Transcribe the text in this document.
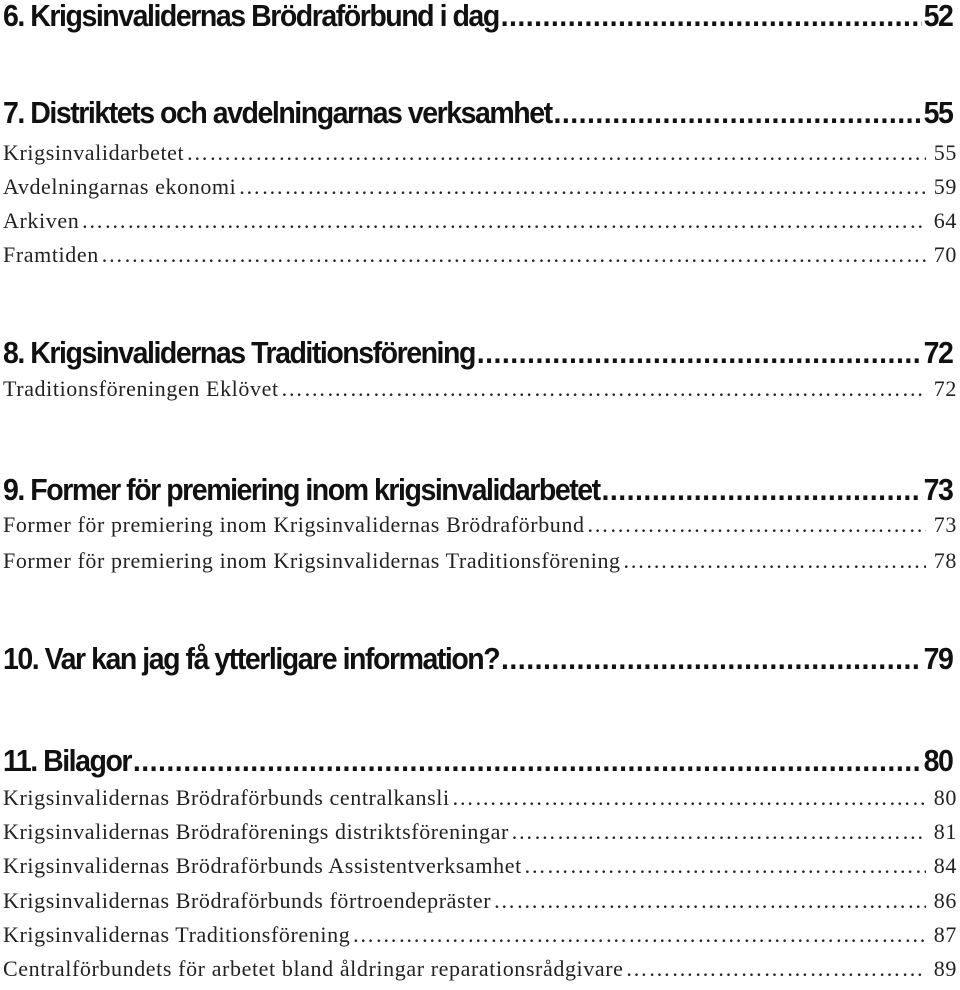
6. Krigsinvalidernas Brödraförbund i dag .....	52
7. Distriktets och avdelningarnas verksamhet .....	55
Krigsinvalidarbetet ………………………………………………………………………………………………………………………………………………………………………………………………………………………………………………………	55
Avdelningarnas ekonomi ………………………………………………………………………………………………………………………………………………………………………………………………………………………………………………………	59
Arkiven ………………………………………………………………………………………………………………………………………………………………………………………………………………………………………………………	64
Framtiden ………………………………………………………………………………………………………………………………………………………………………………………………………………………………………………………	70
8. Krigsinvalidernas Traditionsförening .....	72
Traditionsföreningen Eklövet ………………………………………………………………………………………………………………………………………………………………………………………………………………………………………………………	72
9. Former för premiering inom krigsinvalidarbetet .....	73
Former för premiering inom Krigsinvalidernas Brödraförbund ………………………………………………………………………………………………………………………………………………………………………………………………………………………………………………………	73
Former för premiering inom Krigsinvalidernas Traditionsförening ………………………………………………………………………………………………………………………………………………………………………………………………………………………………………………………	78
10. Var kan jag få ytterligare information? .....	79
11. Bilagor .....	80
Krigsinvalidernas Brödraförbunds centralkansli ………………………………………………………………………………………………………………………………………………………………………………………………………………………………………………………	80
Krigsinvalidernas Brödraförenings distriktsföreningar ………………………………………………………………………………………………………………………………………………………………………………………………………………………………………………………	81
Krigsinvalidernas Brödraförbunds Assistentverksamhet ………………………………………………………………………………………………………………………………………………………………………………………………………………………………………………………	84
Krigsinvalidernas Brödraförbunds förtroendepräster ………………………………………………………………………………………………………………………………………………………………………………………………………………………………………………………	86
Krigsinvalidernas Traditionsförening ………………………………………………………………………………………………………………………………………………………………………………………………………………………………………………………	87
Centralförbundets för arbetet bland åldringar reparationsrådgivare ………………………………………………………………………………………………………………………………………………………………………………………………………………………………………………………	89
